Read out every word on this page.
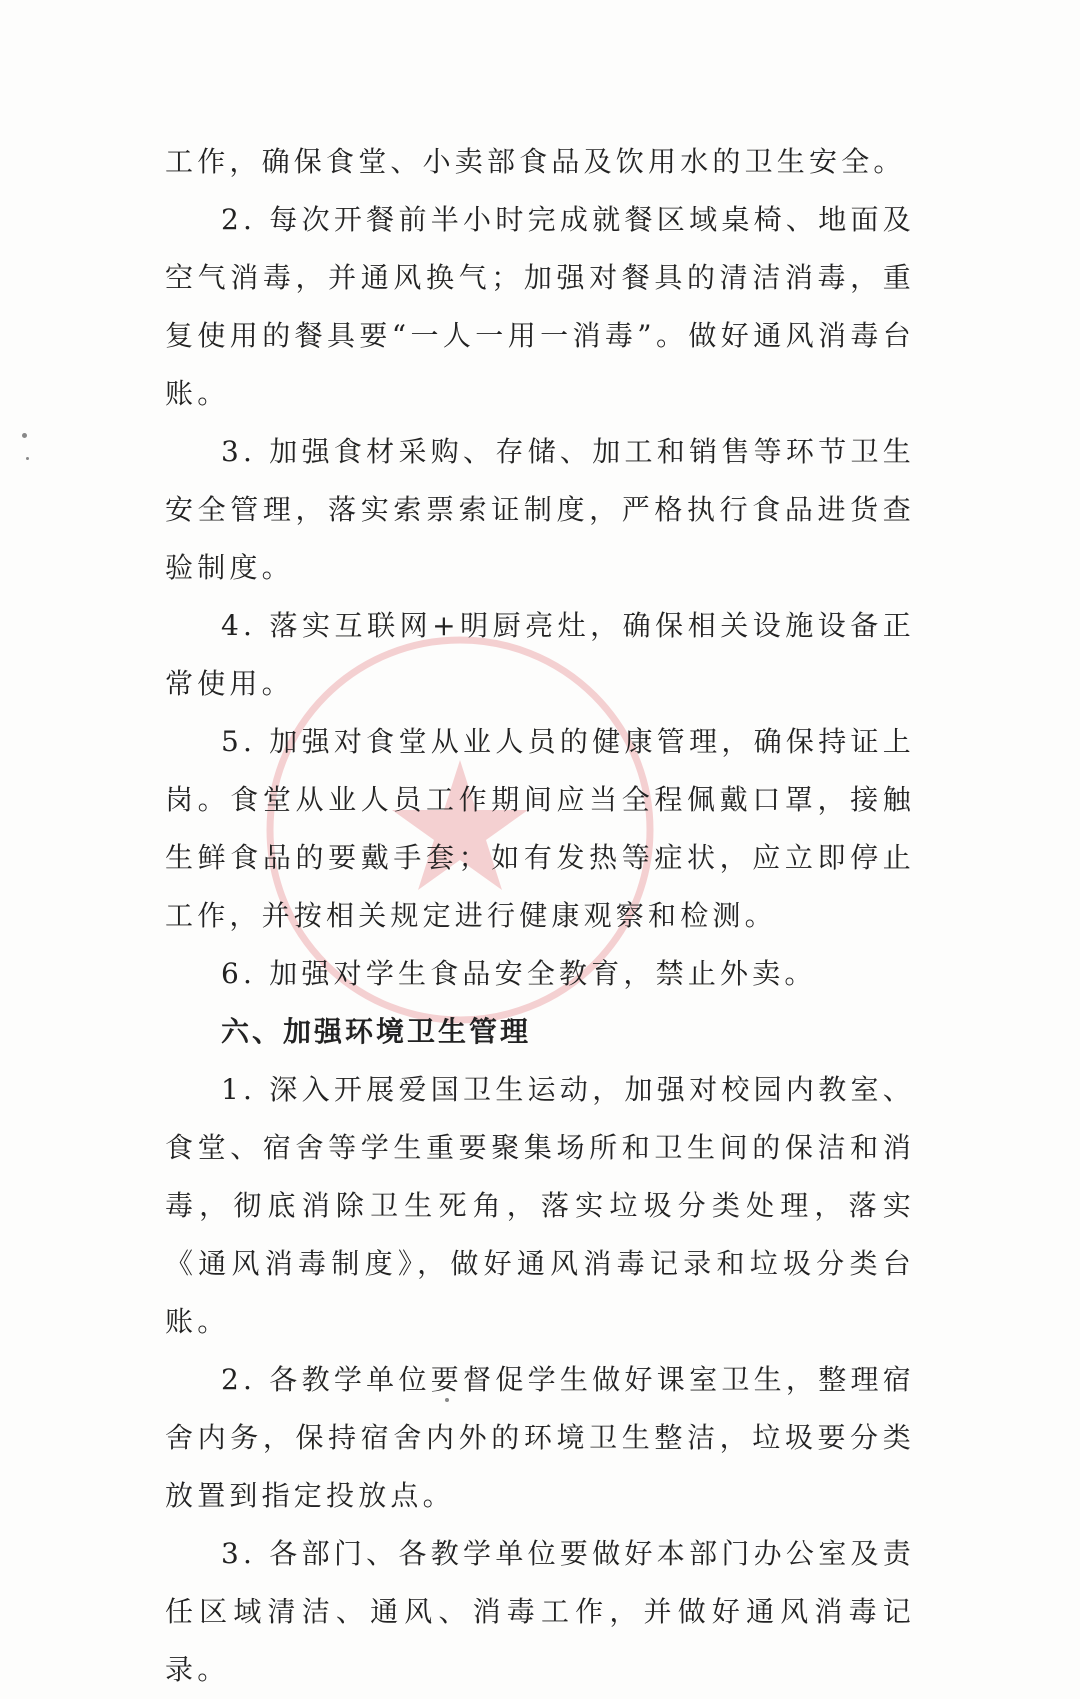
工作，确保食堂、小卖部食品及饮用水的卫生安全。

2. 每次开餐前半小时完成就餐区域桌椅、地面及空气消毒，并通风换气；加强对餐具的清洁消毒，重复使用的餐具要“一人一用一消毒”。做好通风消毒台账。

3. 加强食材采购、存储、加工和销售等环节卫生安全管理，落实索票索证制度，严格执行食品进货查验制度。

4. 落实互联网+明厨亮灶，确保相关设施设备正常使用。

5. 加强对食堂从业人员的健康管理，确保持证上岗。食堂从业人员工作期间应当全程佩戴口罩，接触生鲜食品的要戴手套；如有发热等症状，应立即停止工作，并按相关规定进行健康观察和检测。

6. 加强对学生食品安全教育，禁止外卖。

六、加强环境卫生管理

1. 深入开展爱国卫生运动，加强对校园内教室、食堂、宿舍等学生重要聚集场所和卫生间的保洁和消毒，彻底消除卫生死角，落实垃圾分类处理，落实《通风消毒制度》，做好通风消毒记录和垃圾分类台账。

2. 各教学单位要督促学生做好课室卫生，整理宿舍内务，保持宿舍内外的环境卫生整洁，垃圾要分类放置到指定投放点。

3. 各部门、各教学单位要做好本部门办公室及责任区域清洁、通风、消毒工作，并做好通风消毒记录。
